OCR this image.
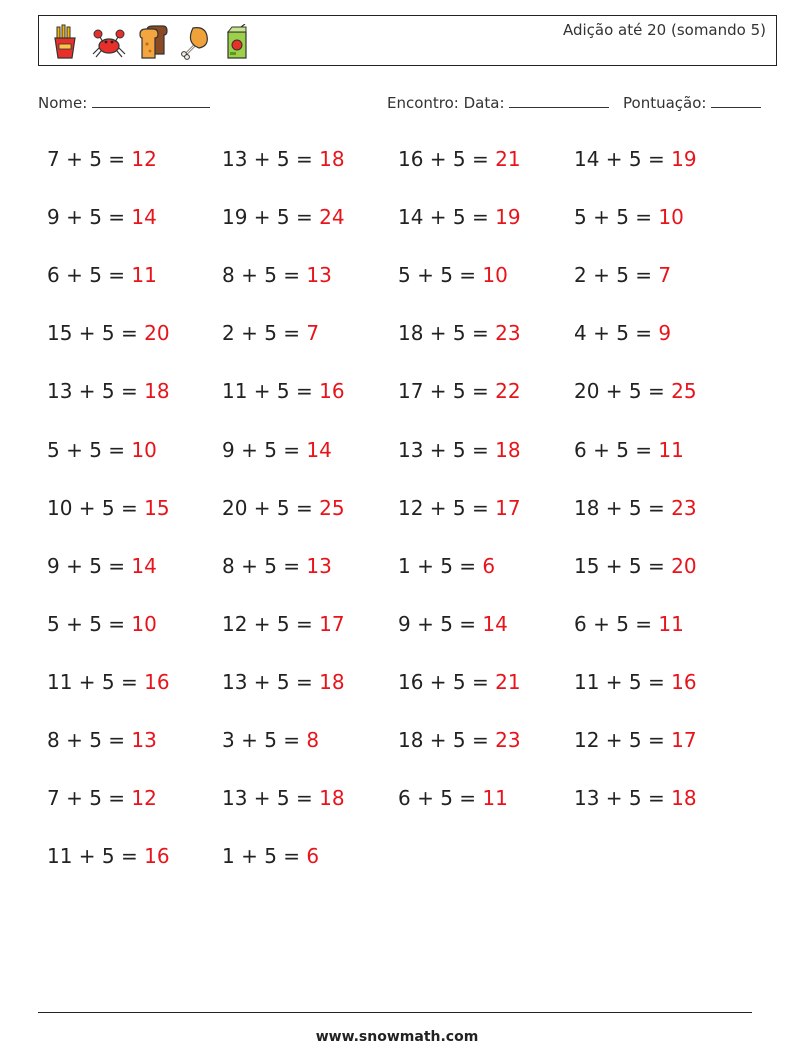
Adição até 20 (somando 5)
Nome:	Encontro: Data:	Pontuação:
7 + 5 = 12	13 + 5 = 18	16 + 5 = 21	14 + 5 = 19
9 + 5 = 14	19 + 5 = 24	14 + 5 = 19	5 + 5 = 10
6 + 5 = 11	8 + 5 = 13	5 + 5 = 10	2 + 5 = 7
15 + 5 = 20	2 + 5 = 7	18 + 5 = 23	4 + 5 = 9
13 + 5 = 18	11 + 5 = 16	17 + 5 = 22	20 + 5 = 25
5 + 5 = 10	9 + 5 = 14	13 + 5 = 18	6 + 5 = 11
10 + 5 = 15	20 + 5 = 25	12 + 5 = 17	18 + 5 = 23
9 + 5 = 14	8 + 5 = 13	1 + 5 = 6	15 + 5 = 20
5 + 5 = 10	12 + 5 = 17	9 + 5 = 14	6 + 5 = 11
11 + 5 = 16	13 + 5 = 18	16 + 5 = 21	11 + 5 = 16
8 + 5 = 13	3 + 5 = 8	18 + 5 = 23	12 + 5 = 17
7 + 5 = 12	13 + 5 = 18	6 + 5 = 11	13 + 5 = 18
11 + 5 = 16	1 + 5 = 6
www.snowmath.com
